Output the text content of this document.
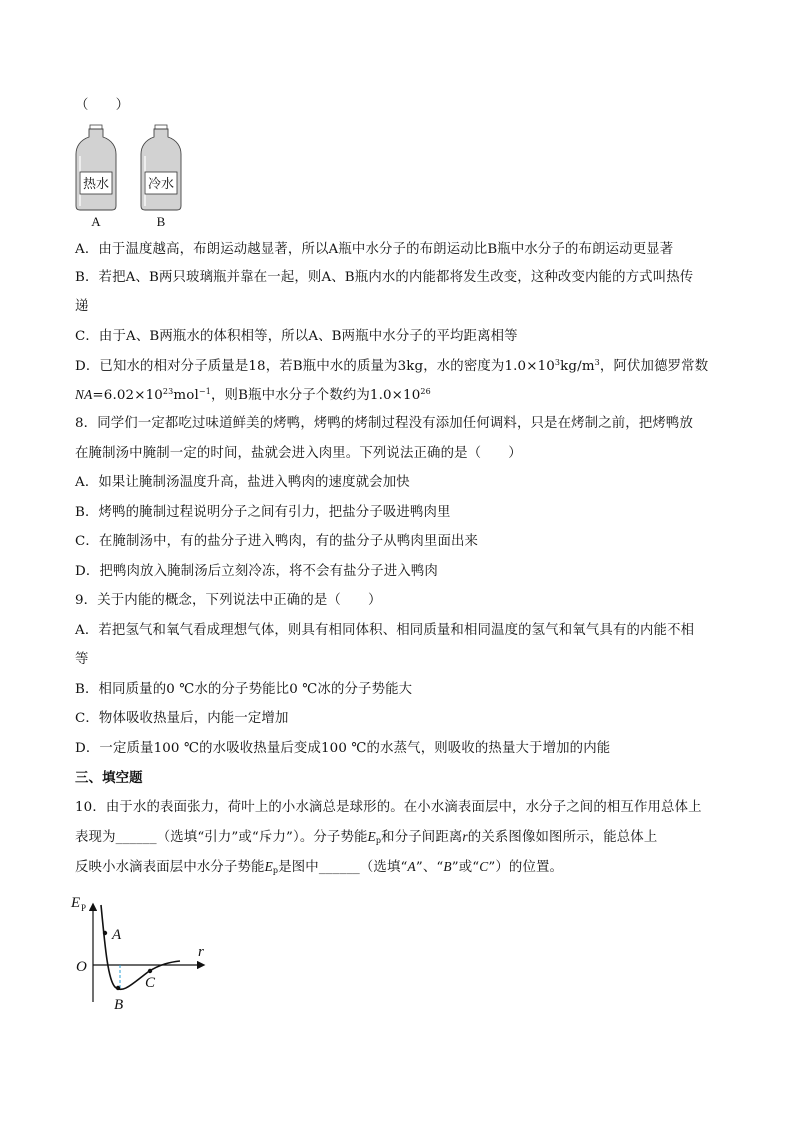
（　　）
热水
A
冷水
B
A．由于温度越高，布朗运动越显著，所以A瓶中水分子的布朗运动比B瓶中水分子的布朗运动更显著
B．若把A、B两只玻璃瓶并靠在一起，则A、B瓶内水的内能都将发生改变，这种改变内能的方式叫热传
递
C．由于A、B两瓶水的体积相等，所以A、B两瓶中水分子的平均距离相等
D．已知水的相对分子质量是18，若B瓶中水的质量为3kg，水的密度为$1.0\times 10^3kg/m^3$，阿伏加德罗常数
$NA=6.02\times 10^{23}mol^{-1}$，则B瓶中水分子个数约为$1.0\times 10^{26}$
8．同学们一定都吃过味道鲜美的烤鸭，烤鸭的烤制过程没有添加任何调料，只是在烤制之前，把烤鸭放
在腌制汤中腌制一定的时间，盐就会进入肉里。下列说法正确的是（　　）
A．如果让腌制汤温度升高，盐进入鸭肉的速度就会加快
B．烤鸭的腌制过程说明分子之间有引力，把盐分子吸进鸭肉里
C．在腌制汤中，有的盐分子进入鸭肉，有的盐分子从鸭肉里面出来
D．把鸭肉放入腌制汤后立刻冷冻，将不会有盐分子进入鸭肉
9．关于内能的概念，下列说法中正确的是（　　）
A．若把氢气和氧气看成理想气体，则具有相同体积、相同质量和相同温度的氢气和氧气具有的内能不相
等
B．相同质量的0 ℃水的分子势能比0 ℃冰的分子势能大
C．物体吸收热量后，内能一定增加
D．一定质量100 ℃的水吸收热量后变成100 ℃的水蒸气，则吸收的热量大于增加的内能
三、填空题
10．由于水的表面张力，荷叶上的小水滴总是球形的。在小水滴表面层中，水分子之间的相互作用总体上
表现为______（选填“引力”或“斥力”）。分子势能$E_p$和分子间距离r的关系图像如图所示，能总体上
反映小水滴表面层中水分子势能$E_p$是图中______（选填“A”、“B”或“C”）的位置。
E P
r
O
A
B
C
